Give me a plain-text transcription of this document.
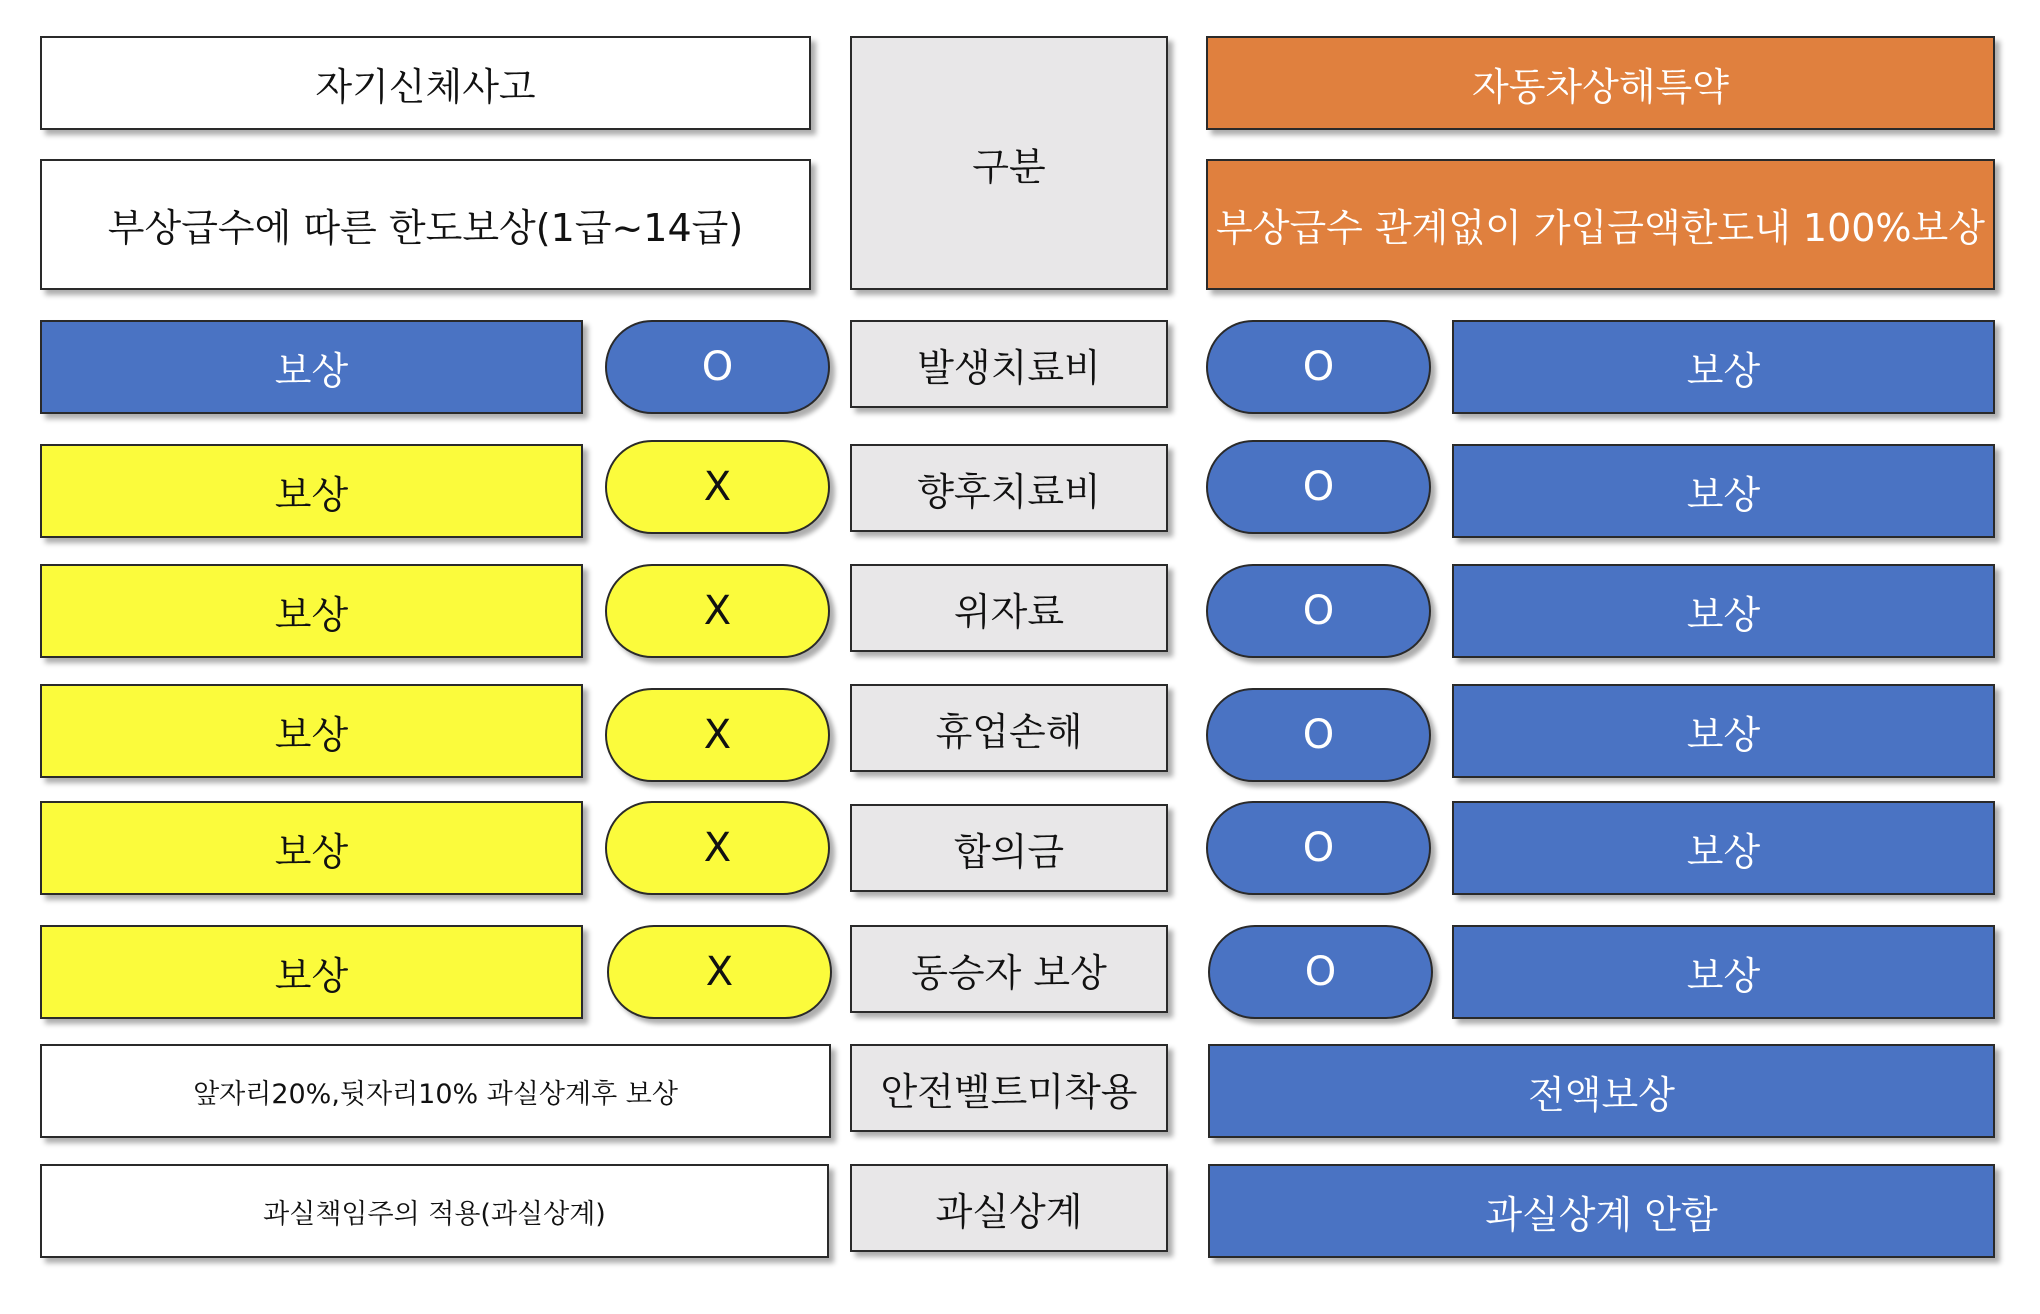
자기신체사고
부상급수에 따른 한도보상(1급~14급)
구분
자동차상해특약
부상급수 관계없이 가입금액한도내 100%보상
보상	O	발생치료비	O	보상
보상	X	향후치료비	O	보상
보상	X	위자료	O	보상
보상	X	휴업손해	O	보상
보상	X	합의금	O	보상
보상	X	동승자 보상	O	보상
앞자리20%,뒷자리10% 과실상계후 보상	안전벨트미착용	전액보상
과실책임주의 적용(과실상계)	과실상계	과실상계 안함
